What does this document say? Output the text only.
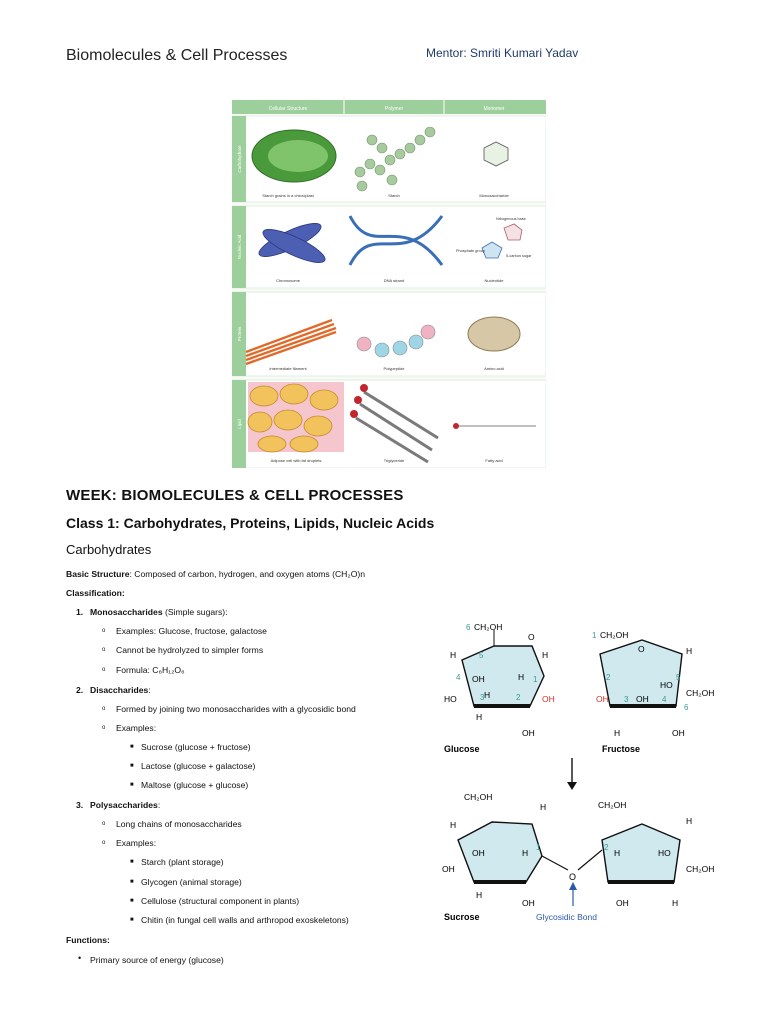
Biomolecules & Cell Processes	Mentor: Smriti Kumari Yadav
Cellular Structure	Polymer	Monomer
Carbohydrate
Starch grains in a chloroplast	Starch	Monosaccharide
Nucleic Acid
Nitrogenous base
Phosphate group
5-carbon sugar
Chromosome	DNA strand	Nucleotide
Protein
Intermediate filament	Polypeptide	Amino acid
Lipid
Adipose cell with fat droplets	Triglyceride	Fatty acid
WEEK: BIOMOLECULES & CELL PROCESSES
Class 1: Carbohydrates, Proteins, Lipids, Nucleic Acids
Carbohydrates
Basic Structure: Composed of carbon, hydrogen, and oxygen atoms (CH₂O)n
Classification:
1. Monosaccharides (Simple sugars):
o Examples: Glucose, fructose, galactose
o Cannot be hydrolyzed to simpler forms
o Formula: C₆H₁₂O₆
2. Disaccharides:
o Formed by joining two monosaccharides with a glycosidic bond
o Examples:
■ Sucrose (glucose + fructose)
■ Lactose (glucose + galactose)
■ Maltose (glucose + glucose)
3. Polysaccharides:
o Long chains of monosaccharides
o Examples:
■ Starch (plant storage)
■ Glycogen (animal storage)
■ Cellulose (structural component in plants)
■ Chitin (in fungal cell walls and arthropod exoskeletons)
Functions:
• Primary source of energy (glucose)
6 CH₂OH
O
5
H	H
4 OH	1
H
HO	3	2	OH
H
H
OH
Glucose
1 CH₂OH
O	H
2
HO
5
CH₂OH
6
OH 3	4
OH
H	OH
Fructose
O
CH₂OH
H	CH₂OH
H
H
OH	H
1	2
H	HO
CH₂OH
OH
H
OH	OH	H
Sucrose	Glycosidic Bond
